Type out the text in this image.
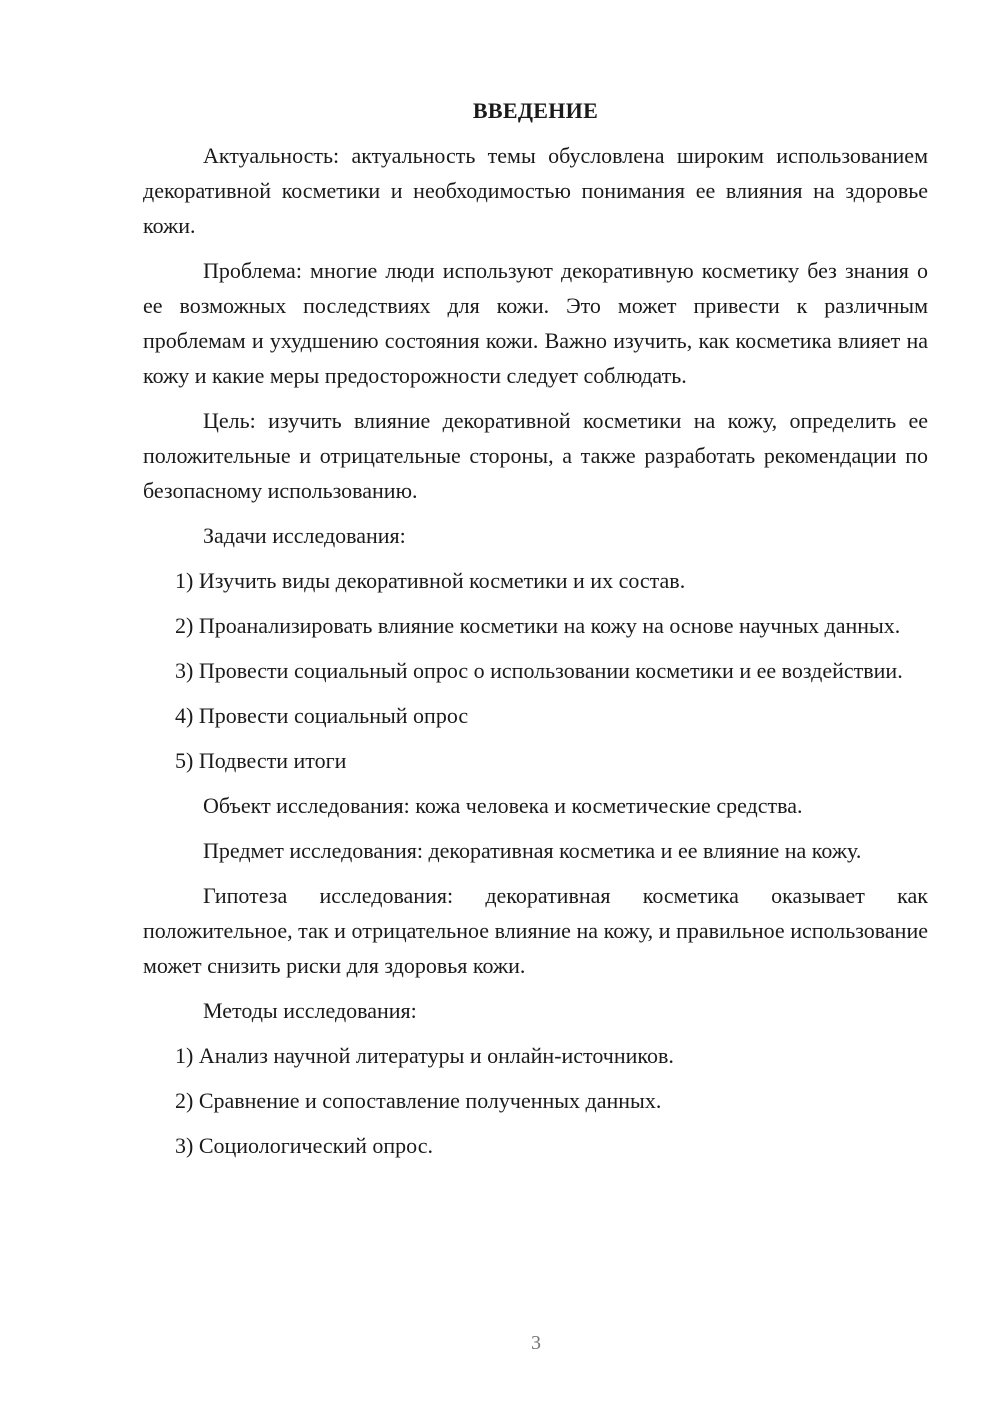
ВВЕДЕНИЕ

Актуальность: актуальность темы обусловлена широким использованием декоративной косметики и необходимостью понимания ее влияния на здоровье кожи.

Проблема: многие люди используют декоративную косметику без знания о ее возможных последствиях для кожи. Это может привести к различным проблемам и ухудшению состояния кожи. Важно изучить, как косметика влияет на кожу и какие меры предосторожности следует соблюдать.

Цель: изучить влияние декоративной косметики на кожу, определить ее положительные и отрицательные стороны, а также разработать рекомендации по безопасному использованию.

Задачи исследования:

1) Изучить виды декоративной косметики и их состав.

2) Проанализировать влияние косметики на кожу на основе научных данных.

3) Провести социальный опрос о использовании косметики и ее воздействии.

4) Провести социальный опрос

5) Подвести итоги

Объект исследования: кожа человека и косметические средства.

Предмет исследования: декоративная косметика и ее влияние на кожу.

Гипотеза исследования: декоративная косметика оказывает как положительное, так и отрицательное влияние на кожу, и правильное использование может снизить риски для здоровья кожи.

Методы исследования:

1) Анализ научной литературы и онлайн-источников.

2) Сравнение и сопоставление полученных данных.

3) Социологический опрос.

3
